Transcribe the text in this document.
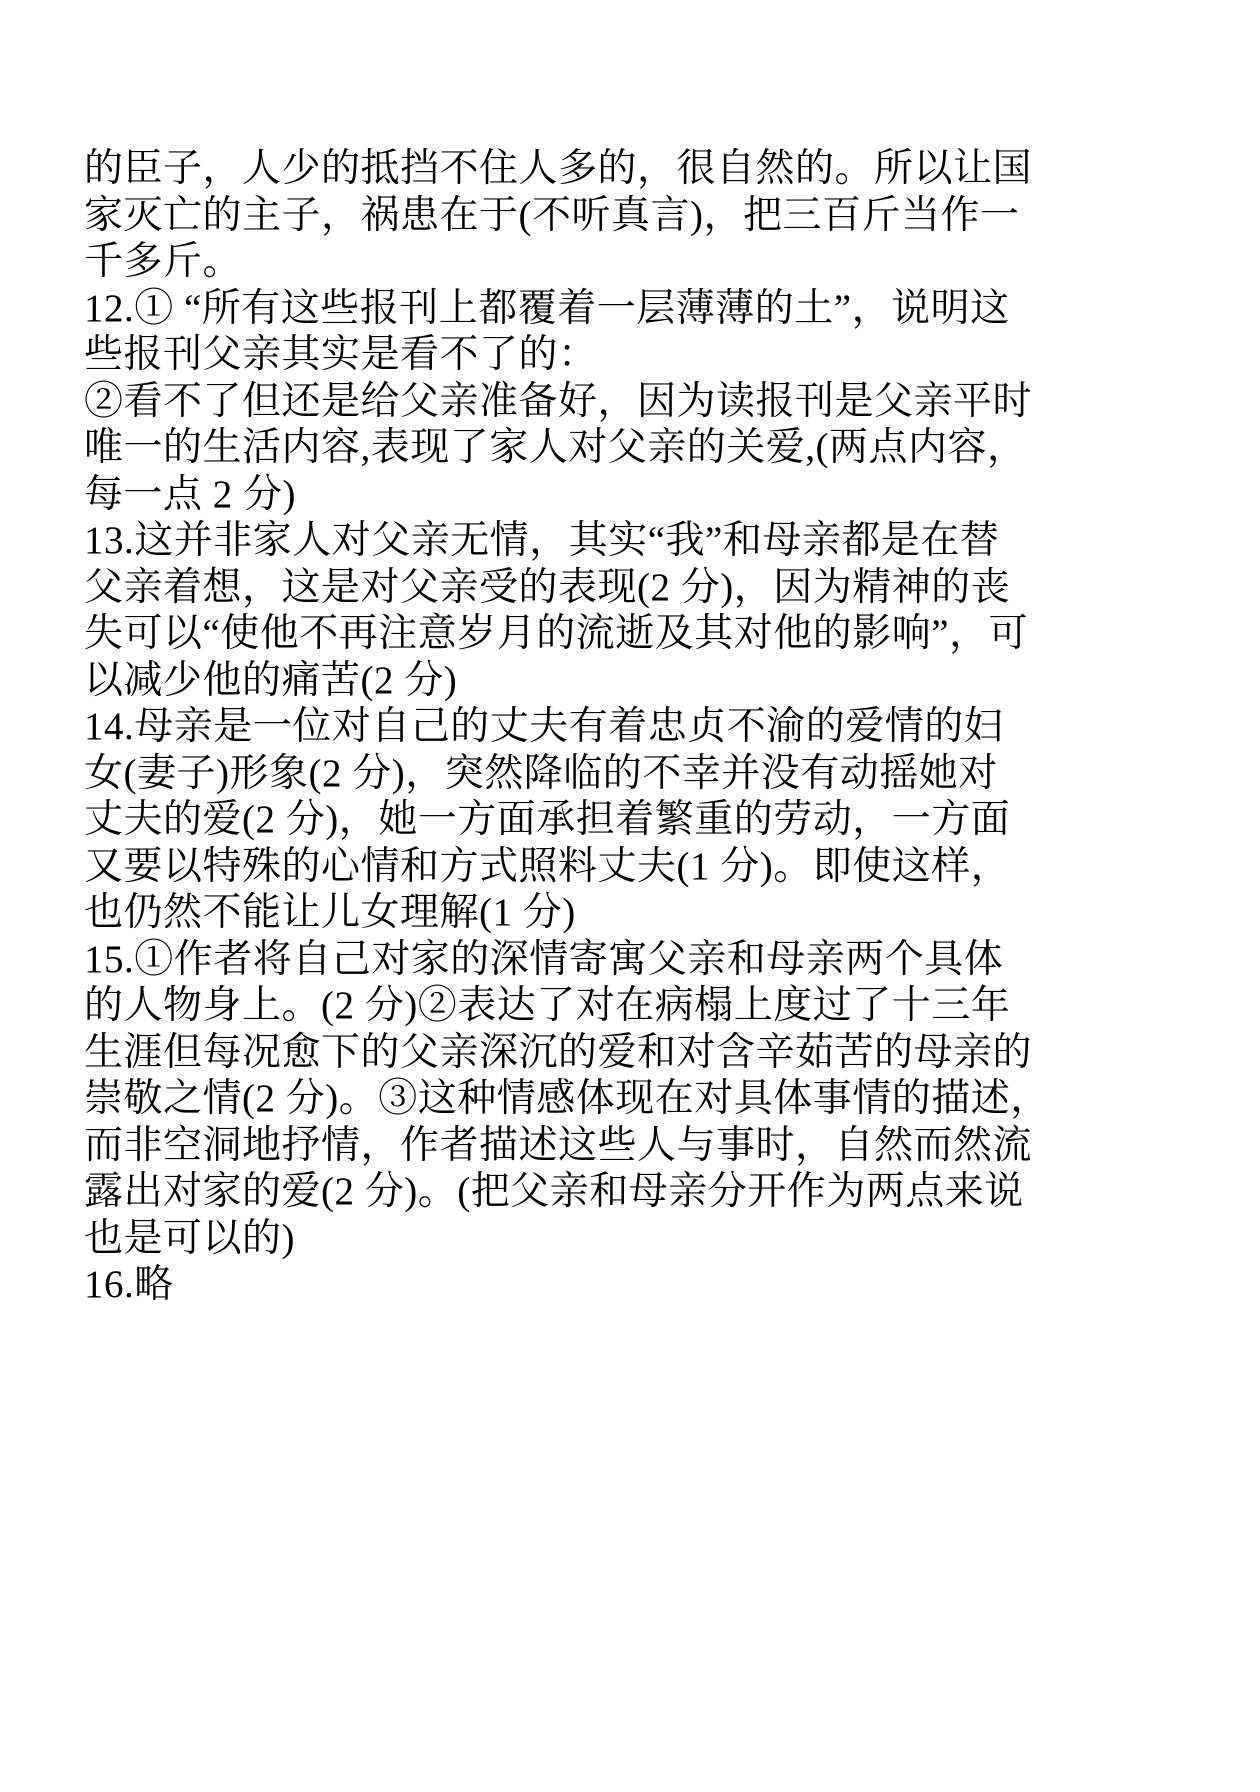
的臣子，人少的抵挡不住人多的，很自然的。所以让国
家灭亡的主子，祸患在于(不听真言)，把三百斤当作一
千多斤。
12.① “所有这些报刊上都覆着一层薄薄的土”，说明这
些报刊父亲其实是看不了的：
②看不了但还是给父亲准备好，因为读报刊是父亲平时
唯一的生活内容,表现了家人对父亲的关爱,(两点内容，
每一点 2 分)
13.这并非家人对父亲无情，其实“我”和母亲都是在替
父亲着想，这是对父亲受的表现(2 分)，因为精神的丧
失可以“使他不再注意岁月的流逝及其对他的影响”，可
以减少他的痛苦(2 分)
14.母亲是一位对自己的丈夫有着忠贞不渝的爱情的妇
女(妻子)形象(2 分)，突然降临的不幸并没有动摇她对
丈夫的爱(2 分)，她一方面承担着繁重的劳动，一方面
又要以特殊的心情和方式照料丈夫(1 分)。即使这样，
也仍然不能让儿女理解(1 分)
15.①作者将自己对家的深情寄寓父亲和母亲两个具体
的人物身上。(2 分)②表达了对在病榻上度过了十三年
生涯但每况愈下的父亲深沉的爱和对含辛茹苦的母亲的
崇敬之情(2 分)。③这种情感体现在对具体事情的描述，
而非空洞地抒情，作者描述这些人与事时，自然而然流
露出对家的爱(2 分)。(把父亲和母亲分开作为两点来说
也是可以的)
16.略
